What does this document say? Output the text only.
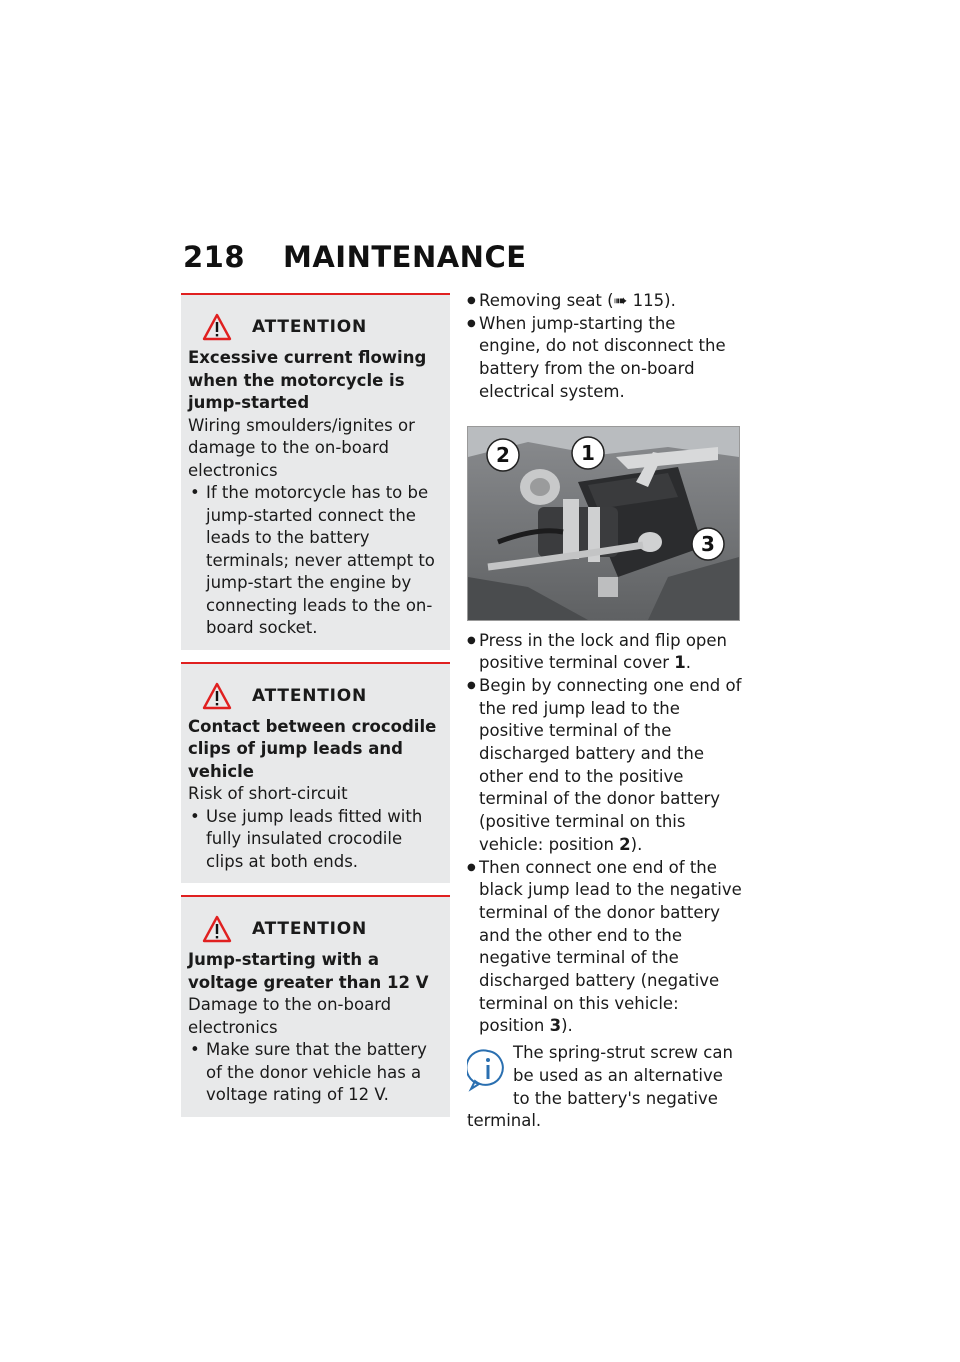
218 MAINTENANCE
ATTENTION
Excessive current flowing when the motorcycle is jump-started
Wiring smoulders/ignites or damage to the on-board electronics
• If the motorcycle has to be jump-started connect the leads to the battery terminals; never attempt to jump-start the engine by connecting leads to the on-board socket.
ATTENTION
Contact between crocodile clips of jump leads and vehicle
Risk of short-circuit
• Use jump leads fitted with fully insulated crocodile clips at both ends.
ATTENTION
Jump-starting with a voltage greater than 12 V
Damage to the on-board electronics
• Make sure that the battery of the donor vehicle has a voltage rating of 12 V.
● Removing seat (➠ 115).
● When jump-starting the engine, do not disconnect the battery from the on-board electrical system.
2	1
3
● Press in the lock and flip open positive terminal cover 1.
● Begin by connecting one end of the red jump lead to the positive terminal of the discharged battery and the other end to the positive terminal of the donor battery (positive terminal on this vehicle: position 2).
● Then connect one end of the black jump lead to the negative terminal of the donor battery and the other end to the negative terminal of the discharged battery (negative terminal on this vehicle: position 3).
The spring-strut screw can be used as an alternative to the battery's negative terminal.
